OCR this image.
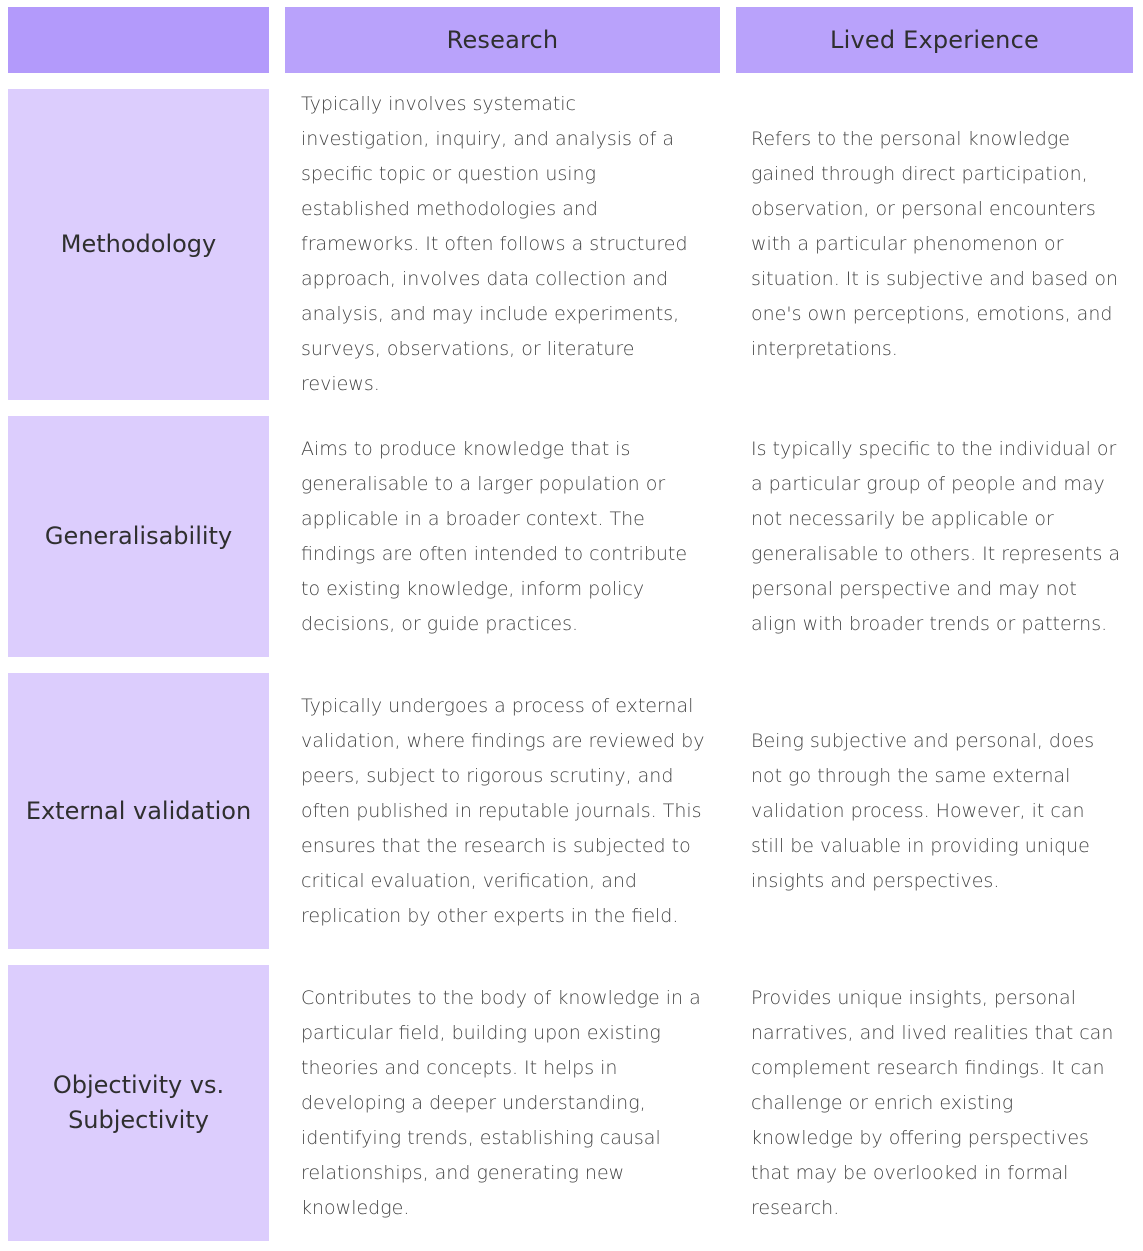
Research	Lived Experience
Methodology
Typically involves systematic investigation, inquiry, and analysis of a specific topic or question using established methodologies and frameworks. It often follows a structured approach, involves data collection and analysis, and may include experiments, surveys, observations, or literature reviews.
Refers to the personal knowledge gained through direct participation, observation, or personal encounters with a particular phenomenon or situation. It is subjective and based on one's own perceptions, emotions, and interpretations.
Generalisability
Aims to produce knowledge that is generalisable to a larger population or applicable in a broader context. The findings are often intended to contribute to existing knowledge, inform policy decisions, or guide practices.
Is typically specific to the individual or a particular group of people and may not necessarily be applicable or generalisable to others. It represents a personal perspective and may not align with broader trends or patterns.
External validation
Typically undergoes a process of external validation, where findings are reviewed by peers, subject to rigorous scrutiny, and often published in reputable journals. This ensures that the research is subjected to critical evaluation, verification, and replication by other experts in the field.
Being subjective and personal, does not go through the same external validation process. However, it can still be valuable in providing unique insights and perspectives.
Objectivity vs.
Subjectivity
Contributes to the body of knowledge in a particular field, building upon existing theories and concepts. It helps in developing a deeper understanding, identifying trends, establishing causal relationships, and generating new knowledge.
Provides unique insights, personal narratives, and lived realities that can complement research findings. It can challenge or enrich existing knowledge by offering perspectives that may be overlooked in formal research.
